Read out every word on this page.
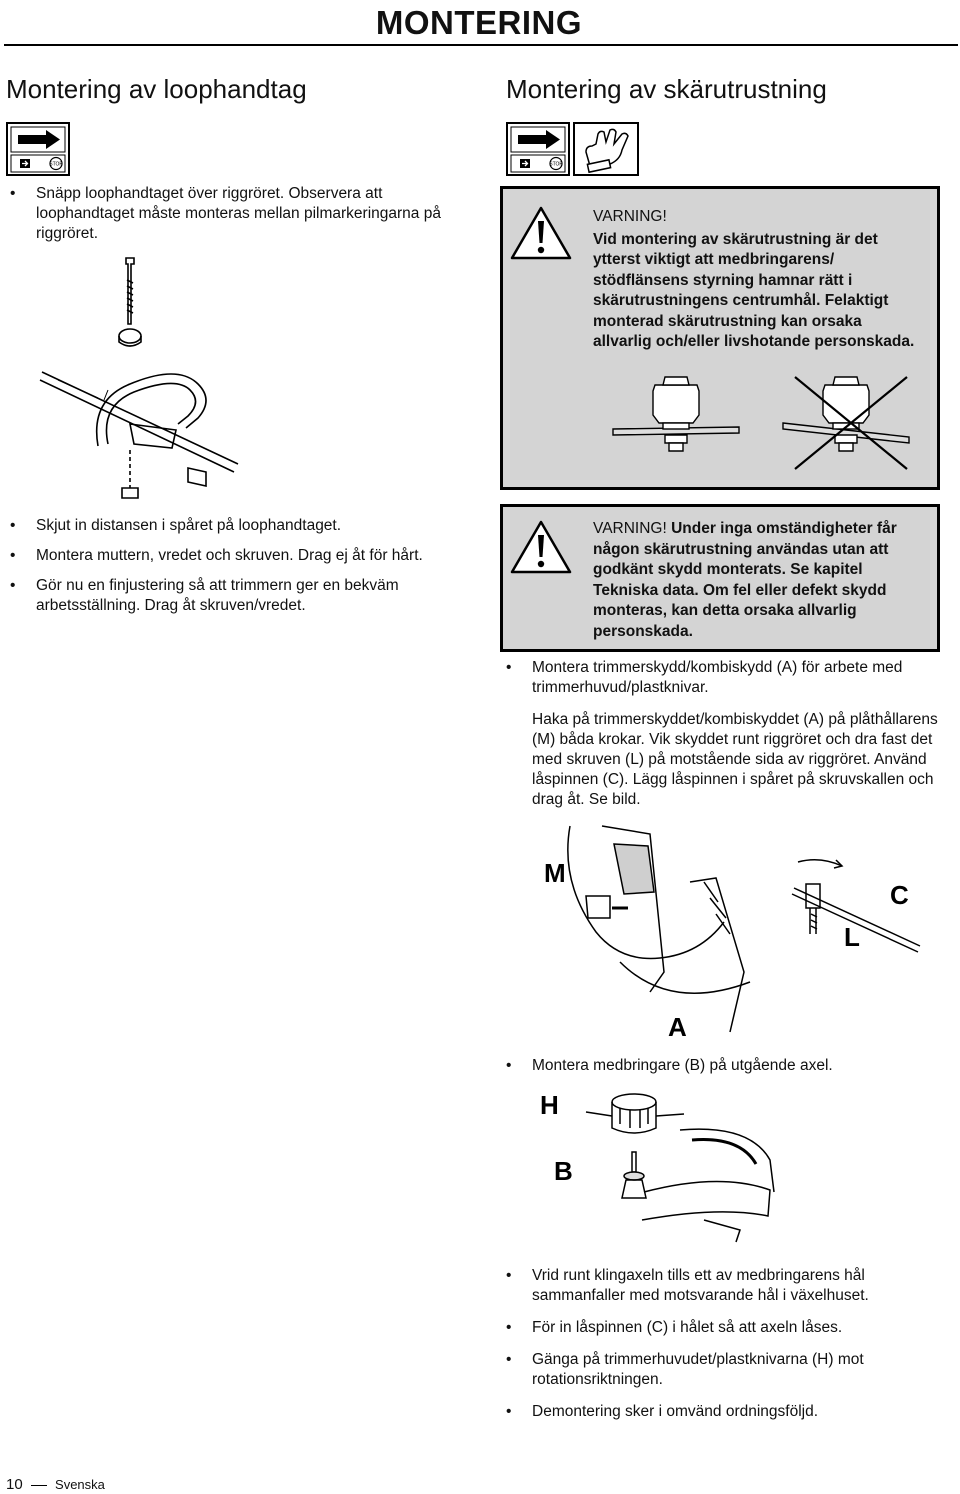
MONTERING
Montering av loophandtag
STOP
• Snäpp loophandtaget över riggröret. Observera att loophandtaget måste monteras mellan pilmarkeringarna på riggröret.
• Skjut in distansen i spåret på loophandtaget.
• Montera muttern, vredet och skruven. Drag ej åt för hårt.
• Gör nu en finjustering så att trimmern ger en bekväm arbetsställning. Drag åt skruven/vredet.
Montering av skärutrustning
STOP
VARNING!
Vid montering av skärutrustning är det ytterst viktigt att medbringarens/ stödflänsens styrning hamnar rätt i skärutrustningens centrumhål. Felaktigt monterad skärutrustning kan orsaka allvarlig och/eller livshotande personskada.
VARNING! Under inga omständigheter får någon skärutrustning användas utan att godkänt skydd monterats. Se kapitel Tekniska data. Om fel eller defekt skydd monteras, kan detta orsaka allvarlig personskada.
• Montera trimmerskydd/kombiskydd (A) för arbete med trimmerhuvud/plastknivar.
Haka på trimmerskyddet/kombiskyddet (A) på plåthållarens (M) båda krokar. Vik skyddet runt riggröret och dra fast det med skruven (L) på motstående sida av riggröret. Använd låspinnen (C). Lägg låspinnen i spåret på skruvskallen och drag åt. Se bild.
M
C
L
A
• Montera medbringare (B) på utgående axel.
H
B
• Vrid runt klingaxeln tills ett av medbringarens hål sammanfaller med motsvarande hål i växelhuset.
• För in låspinnen (C) i hålet så att axeln låses.
• Gänga på trimmerhuvudet/plastknivarna (H) mot rotationsriktningen.
• Demontering sker i omvänd ordningsföljd.
10 Svenska
